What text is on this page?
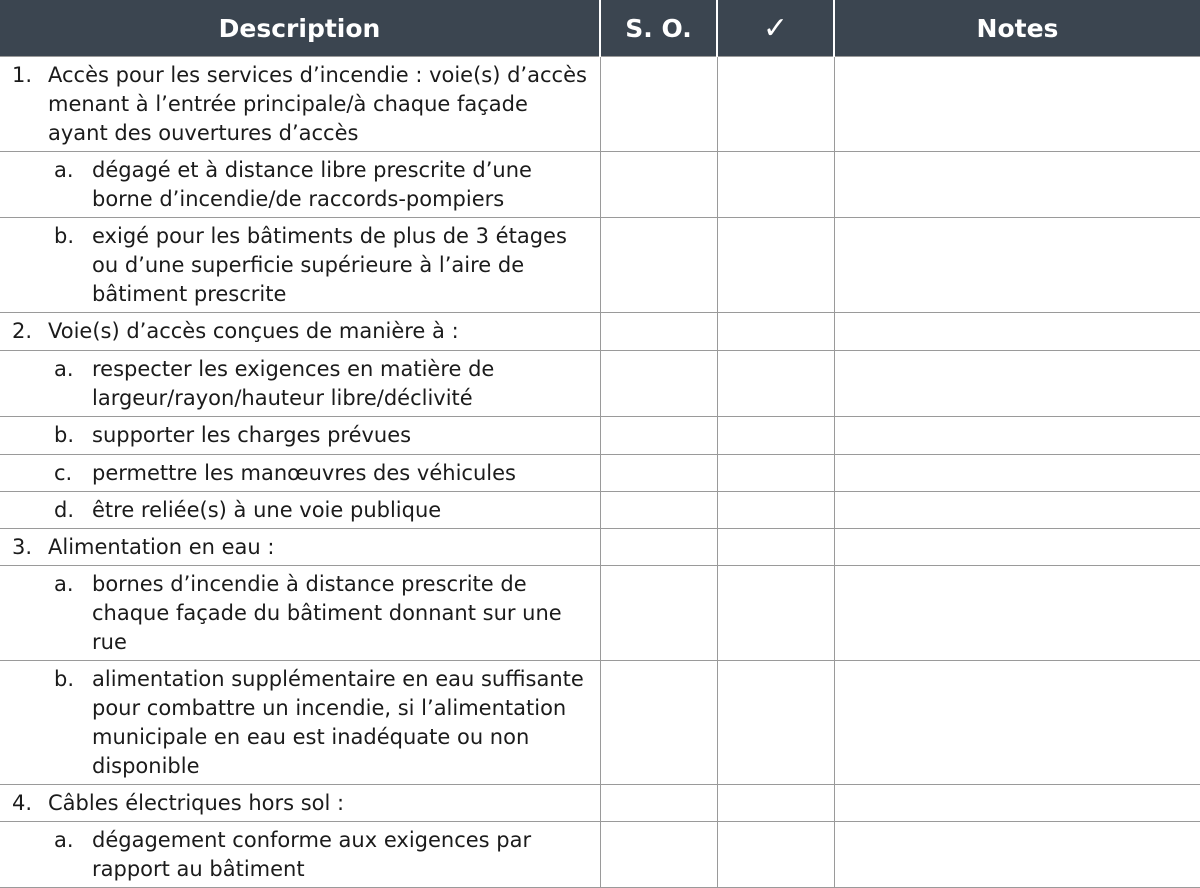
Description	S. O.	✓	Notes

1. Accès pour les services d’incendie : voie(s) d’accès menant à l’entrée principale/à chaque façade ayant des ouvertures d’accès			

a. dégagé et à distance libre prescrite d’une borne d’incendie/de raccords-pompiers			

b. exigé pour les bâtiments de plus de 3 étages ou d’une superficie supérieure à l’aire de bâtiment prescrite			

2. Voie(s) d’accès conçues de manière à :			

a. respecter les exigences en matière de largeur/rayon/hauteur libre/déclivité			

b. supporter les charges prévues			

c. permettre les manœuvres des véhicules			

d. être reliée(s) à une voie publique			

3. Alimentation en eau :			

a. bornes d’incendie à distance prescrite de chaque façade du bâtiment donnant sur une rue			

b. alimentation supplémentaire en eau suffisante pour combattre un incendie, si l’alimentation municipale en eau est inadéquate ou non disponible			

4. Câbles électriques hors sol :			

a. dégagement conforme aux exigences par rapport au bâtiment			
